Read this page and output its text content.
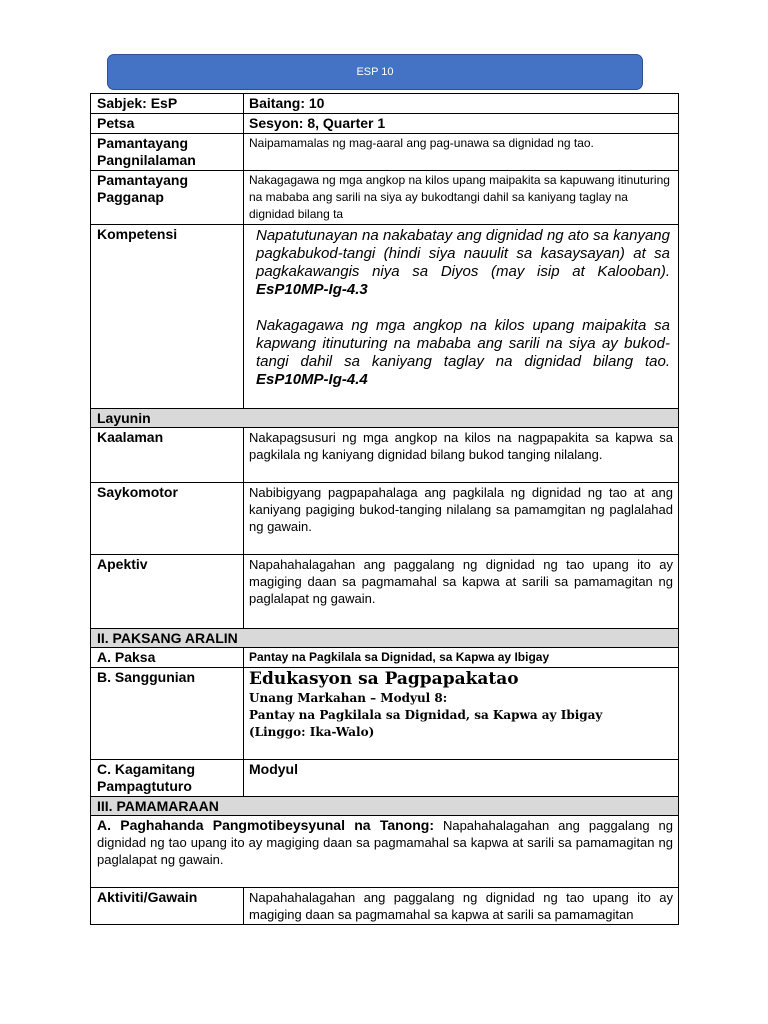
ESP 10
Sabjek: EsP	Baitang: 10
Petsa	Sesyon: 8, Quarter 1
Pamantayang Pangnilalaman	Naipamamalas ng mag-aaral ang pag-unawa sa dignidad ng tao.
Pamantayang Pagganap	Nakagagawa ng mga angkop na kilos upang maipakita sa kapuwang itinuturing na mababa ang sarili na siya ay bukodtangi dahil sa kaniyang taglay na dignidad bilang ta
Kompetensi	Napatutunayan na nakabatay ang dignidad ng ato sa kanyang pagkabukod-tangi (hindi siya nauulit sa kasaysayan) at sa pagkakawangis niya sa Diyos (may isip at Kalooban). EsP10MP-Ig-4.3

Nakagagawa ng mga angkop na kilos upang maipakita sa kapwang itinuturing na mababa ang sarili na siya ay bukod-tangi dahil sa kaniyang taglay na dignidad bilang tao. EsP10MP-Ig-4.4

Layunin	
Kaalaman	Nakapagsusuri ng mga angkop na kilos na nagpapakita sa kapwa sa pagkilala ng kaniyang dignidad bilang bukod tanging nilalang.
Saykomotor	Nabibigyang pagpapahalaga ang pagkilala ng dignidad ng tao at ang kaniyang pagiging bukod-tanging nilalang sa pamamgitan ng paglalahad ng gawain.
Apektiv	Napahahalagahan ang paggalang ng dignidad ng tao upang ito ay magiging daan sa pagmamahal sa kapwa at sarili sa pamamagitan ng paglalapat ng gawain.
II. PAKSANG ARALIN	
A. Paksa	Pantay na Pagkilala sa Dignidad, sa Kapwa ay Ibigay
B. Sanggunian	Edukasyon sa Pagpapakatao
Unang Markahan – Modyul 8:
Pantay na Pagkilala sa Dignidad, sa Kapwa ay Ibigay
(Linggo: Ika-Walo)

C. Kagamitang Pampagtuturo	Modyul
III. PAMAMARAAN	
A. Paghahanda Pangmotibeysyunal na Tanong: Napahahalagahan ang paggalang ng dignidad ng tao upang ito ay magiging daan sa pagmamahal sa kapwa at sarili sa pamamagitan ng paglalapat ng gawain.	
Aktiviti/Gawain	Napahahalagahan ang paggalang ng dignidad ng tao upang ito ay magiging daan sa pagmamahal sa kapwa at sarili sa pamamagitan
